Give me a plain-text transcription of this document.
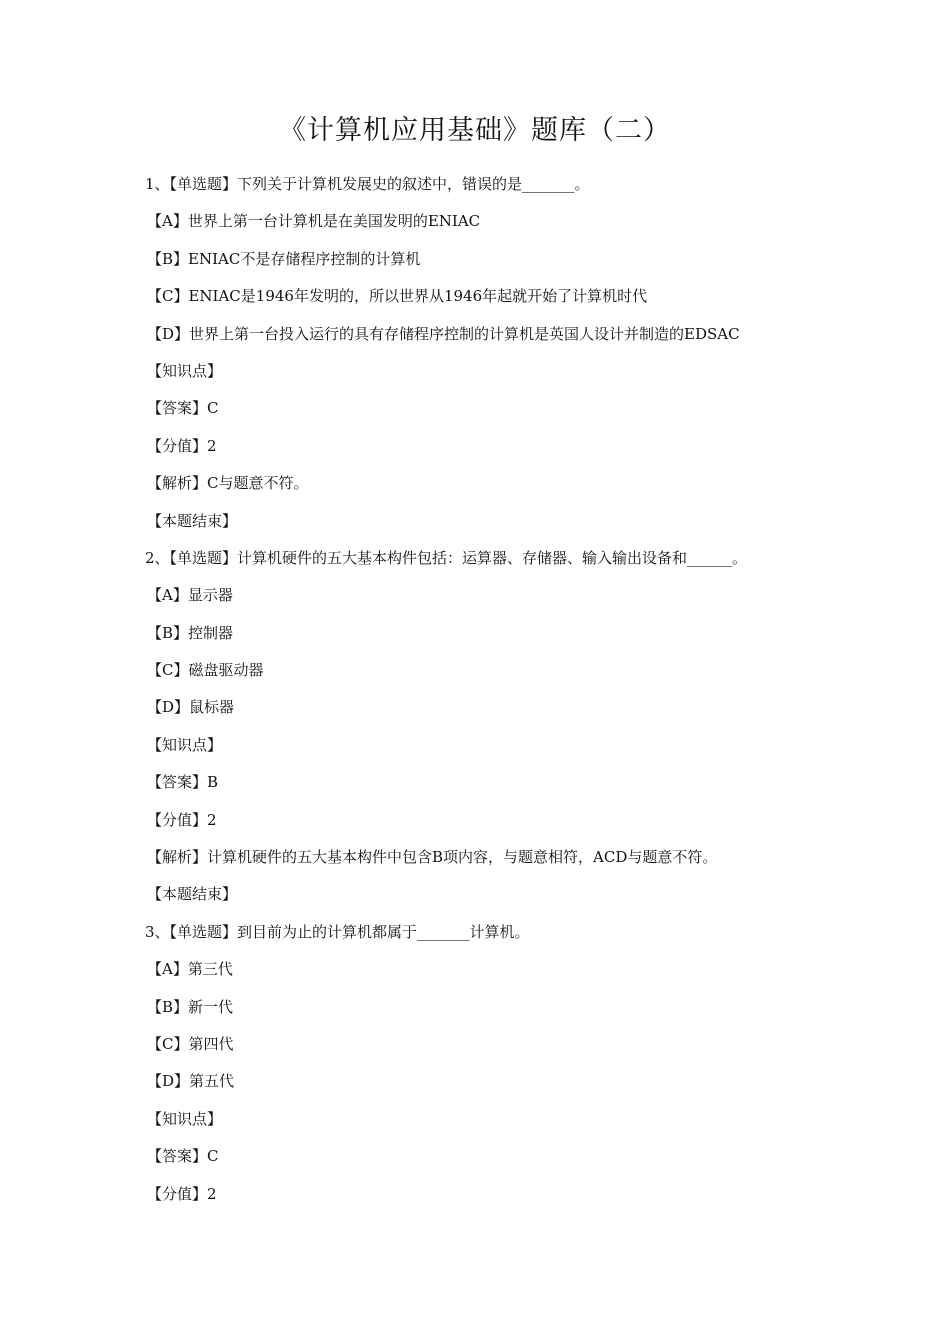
《计算机应用基础》题库（二）
1、【单选题】下列关于计算机发展史的叙述中，错误的是_______。
【A】世界上第一台计算机是在美国发明的ENIAC
【B】ENIAC不是存储程序控制的计算机
【C】ENIAC是1946年发明的，所以世界从1946年起就开始了计算机时代
【D】世界上第一台投入运行的具有存储程序控制的计算机是英国人设计并制造的EDSAC
【知识点】
【答案】C
【分值】2
【解析】C与题意不符。
【本题结束】
2、【单选题】计算机硬件的五大基本构件包括：运算器、存储器、输入输出设备和______。
【A】显示器
【B】控制器
【C】磁盘驱动器
【D】鼠标器
【知识点】
【答案】B
【分值】2
【解析】计算机硬件的五大基本构件中包含B项内容，与题意相符，ACD与题意不符。
【本题结束】
3、【单选题】到目前为止的计算机都属于_______计算机。
【A】第三代
【B】新一代
【C】第四代
【D】第五代
【知识点】
【答案】C
【分值】2
